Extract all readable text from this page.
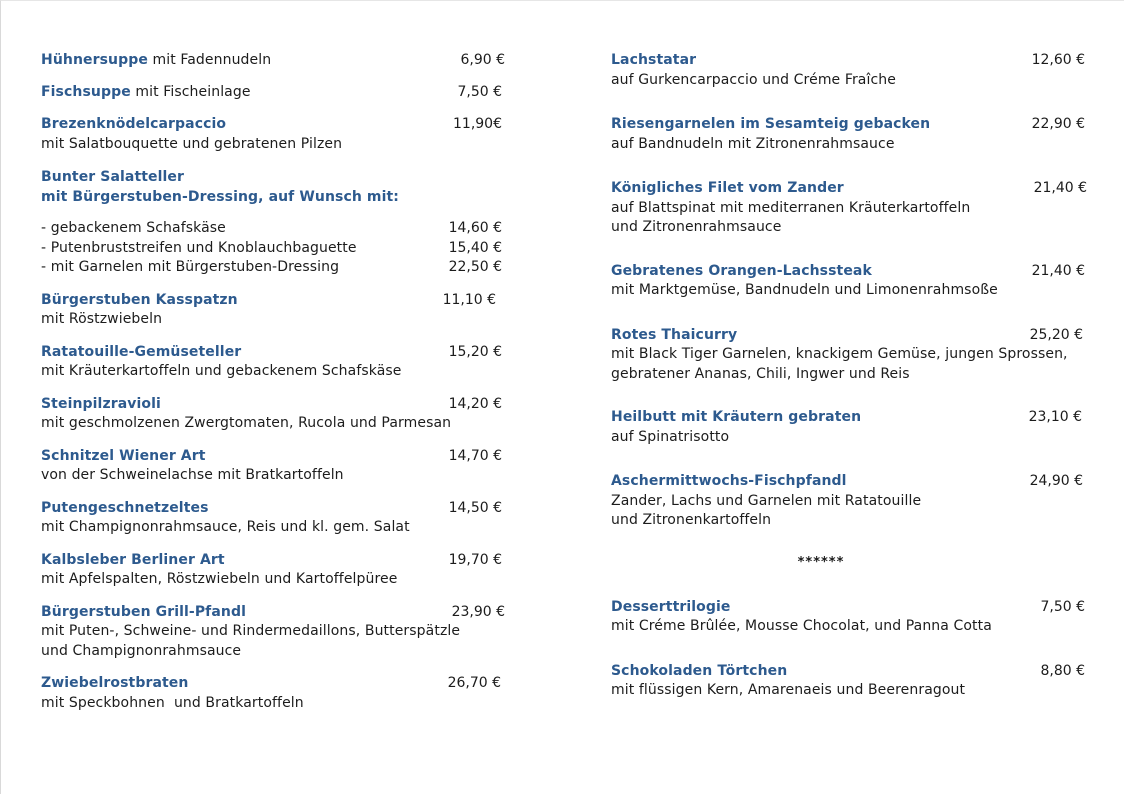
Hühnersuppe mit Fadennudeln	6,90 €
Fischsuppe mit Fischeinlage	7,50 €
Brezenknödelcarpaccio
mit Salatbouquette und gebratenen Pilzen
11,90€
Bunter Salatteller
mit Bürgerstuben-Dressing, auf Wunsch mit:
- gebackenem Schafskäse	14,60 €
- Putenbruststreifen und Knoblauchbaguette	15,40 €
- mit Garnelen mit Bürgerstuben-Dressing	22,50 €
Bürgerstuben Kasspatzn
mit Röstzwiebeln
11,10 €
Ratatouille-Gemüseteller
mit Kräuterkartoffeln und gebackenem Schafskäse
15,20 €
Steinpilzravioli
mit geschmolzenen Zwergtomaten, Rucola und Parmesan
14,20 €
Schnitzel Wiener Art
von der Schweinelachse mit Bratkartoffeln
14,70 €
Putengeschnetzeltes
mit Champignonrahmsauce, Reis und kl. gem. Salat
14,50 €
Kalbsleber Berliner Art
mit Apfelspalten, Röstzwiebeln und Kartoffelpüree
19,70 €
Bürgerstuben Grill-Pfandl
mit Puten-, Schweine- und Rindermedaillons, Butterspätzle
und Champignonrahmsauce
23,90 €
Zwiebelrostbraten
mit Speckbohnen  und Bratkartoffeln
26,70 €
Lachstatar
auf Gurkencarpaccio und Créme Fraîche
12,60 €
Riesengarnelen im Sesamteig gebacken
auf Bandnudeln mit Zitronenrahmsauce
22,90 €
Königliches Filet vom Zander
auf Blattspinat mit mediterranen Kräuterkartoffeln
und Zitronenrahmsauce
21,40 €
Gebratenes Orangen-Lachssteak
mit Marktgemüse, Bandnudeln und Limonenrahmsoße
21,40 €
Rotes Thaicurry
mit Black Tiger Garnelen, knackigem Gemüse, jungen Sprossen,
gebratener Ananas, Chili, Ingwer und Reis
25,20 €
Heilbutt mit Kräutern gebraten
auf Spinatrisotto
23,10 €
Aschermittwochs-Fischpfandl
Zander, Lachs und Garnelen mit Ratatouille
und Zitronenkartoffeln
24,90 €
******
Desserttrilogie
mit Créme Brûlée, Mousse Chocolat, und Panna Cotta
7,50 €
Schokoladen Törtchen
mit flüssigen Kern, Amarenaeis und Beerenragout
8,80 €
